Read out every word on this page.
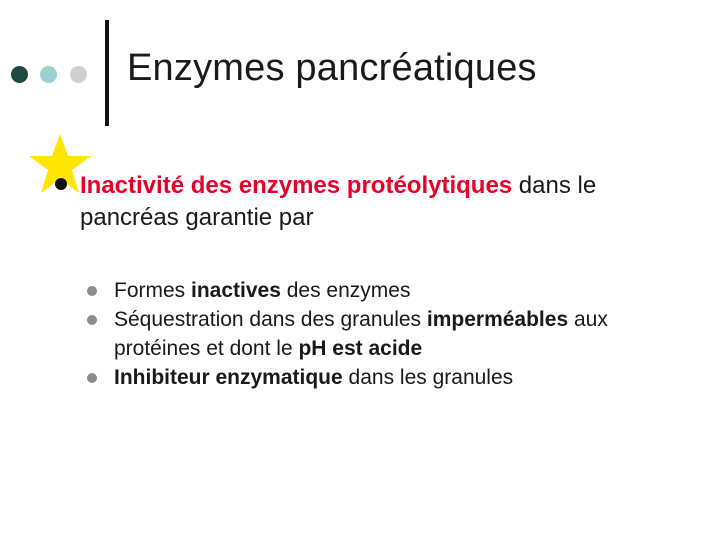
Enzymes pancréatiques
Inactivité des enzymes protéolytiques dans le pancréas garantie par
Formes inactives des enzymes
Séquestration dans des granules imperméables aux protéines et dont le pH est acide
Inhibiteur enzymatique dans les granules
